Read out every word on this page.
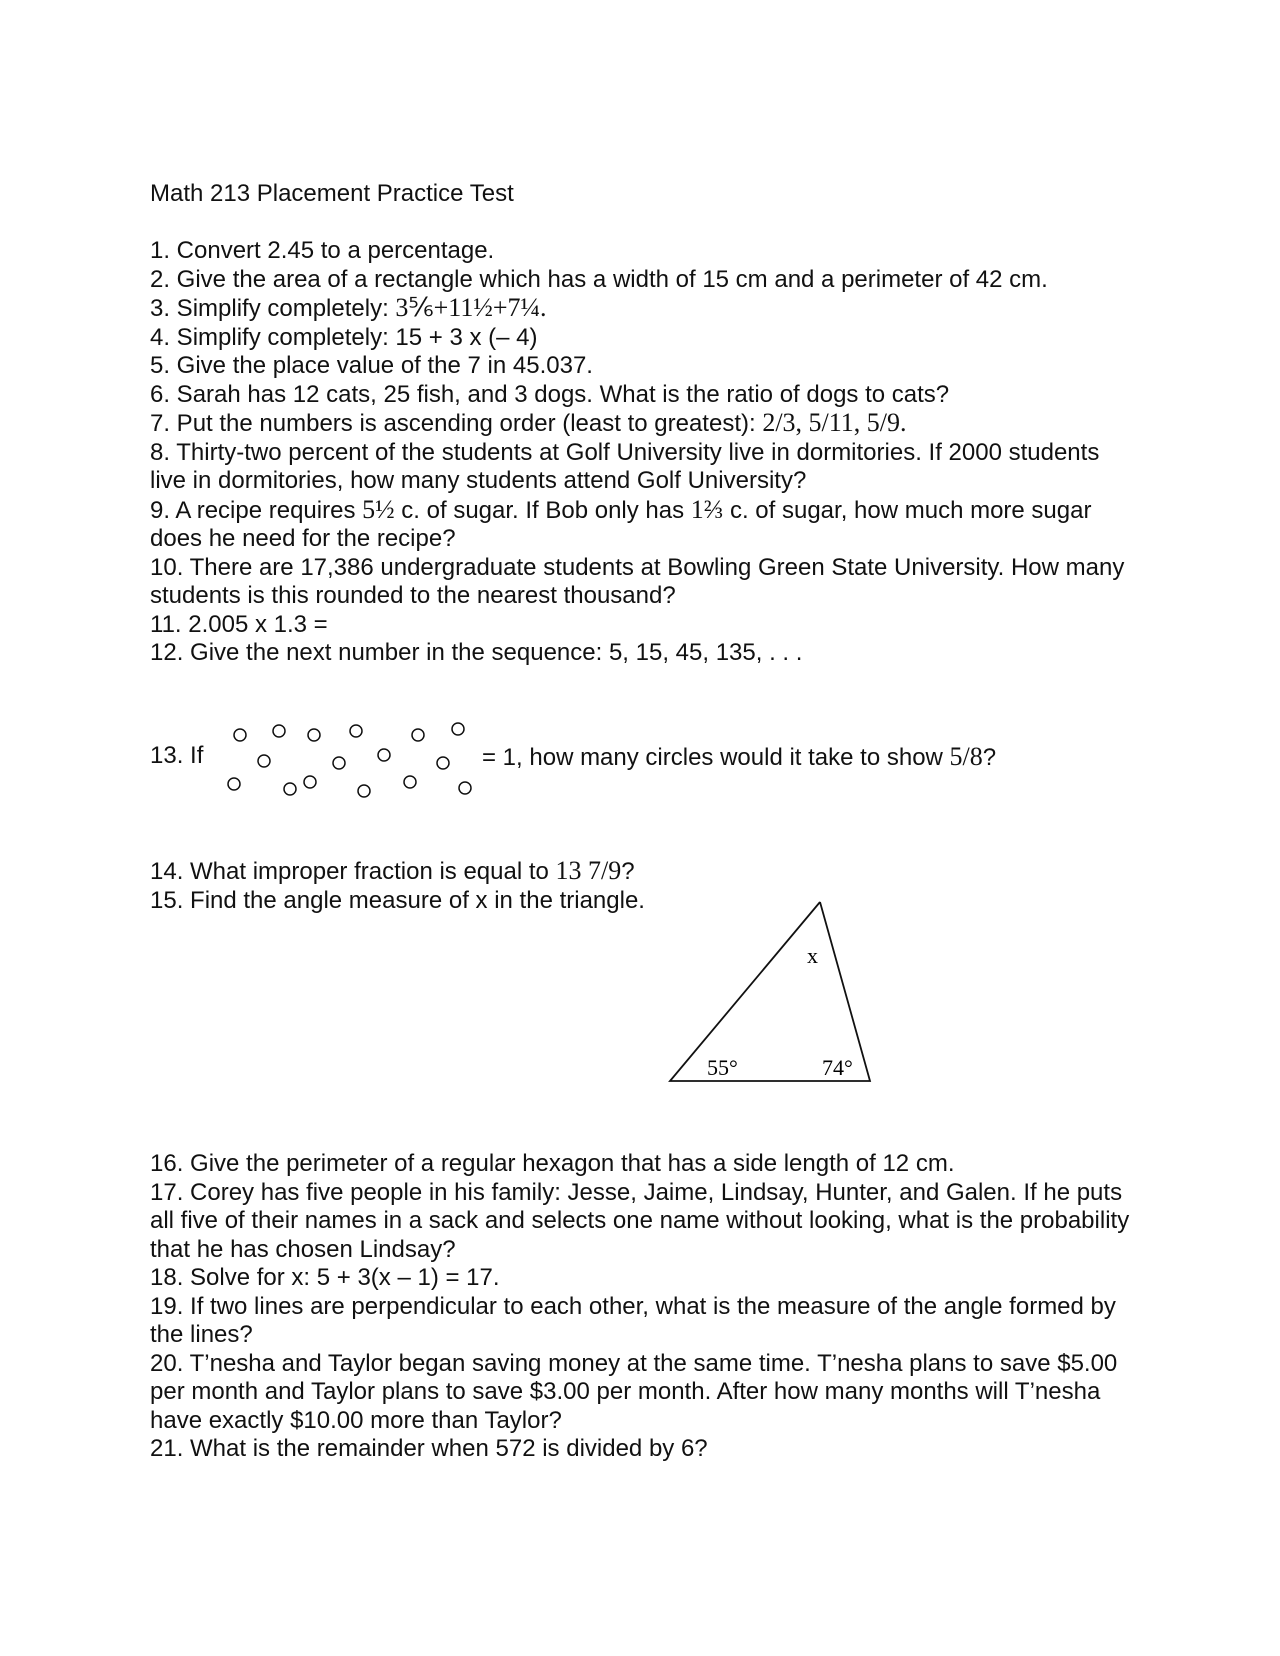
Math 213 Placement Practice Test
1. Convert 2.45 to a percentage.
2. Give the area of a rectangle which has a width of 15 cm and a perimeter of 42 cm.
3. Simplify completely: 3⅚+11½+7¼.
4. Simplify completely: 15 + 3 x (– 4)
5. Give the place value of the 7 in 45.037.
6. Sarah has 12 cats, 25 fish, and 3 dogs. What is the ratio of dogs to cats?
7. Put the numbers is ascending order (least to greatest): 2/3, 5/11, 5/9.
8. Thirty-two percent of the students at Golf University live in dormitories. If 2000 students live in dormitories, how many students attend Golf University?
9. A recipe requires 5½ c. of sugar. If Bob only has 1⅔ c. of sugar, how much more sugar does he need for the recipe?
10. There are 17,386 undergraduate students at Bowling Green State University. How many students is this rounded to the nearest thousand?
11. 2.005 x 1.3 =
12. Give the next number in the sequence: 5, 15, 45, 135, . . .
13. If	= 1, how many circles would it take to show 5/8?
14. What improper fraction is equal to 13 7/9?
15. Find the angle measure of x in the triangle.
55°	74°
x
16. Give the perimeter of a regular hexagon that has a side length of 12 cm.
17. Corey has five people in his family: Jesse, Jaime, Lindsay, Hunter, and Galen. If he puts all five of their names in a sack and selects one name without looking, what is the probability that he has chosen Lindsay?
18. Solve for x: 5 + 3(x – 1) = 17.
19. If two lines are perpendicular to each other, what is the measure of the angle formed by the lines?
20. T’nesha and Taylor began saving money at the same time. T’nesha plans to save $5.00 per month and Taylor plans to save $3.00 per month. After how many months will T’nesha have exactly $10.00 more than Taylor?
21. What is the remainder when 572 is divided by 6?
